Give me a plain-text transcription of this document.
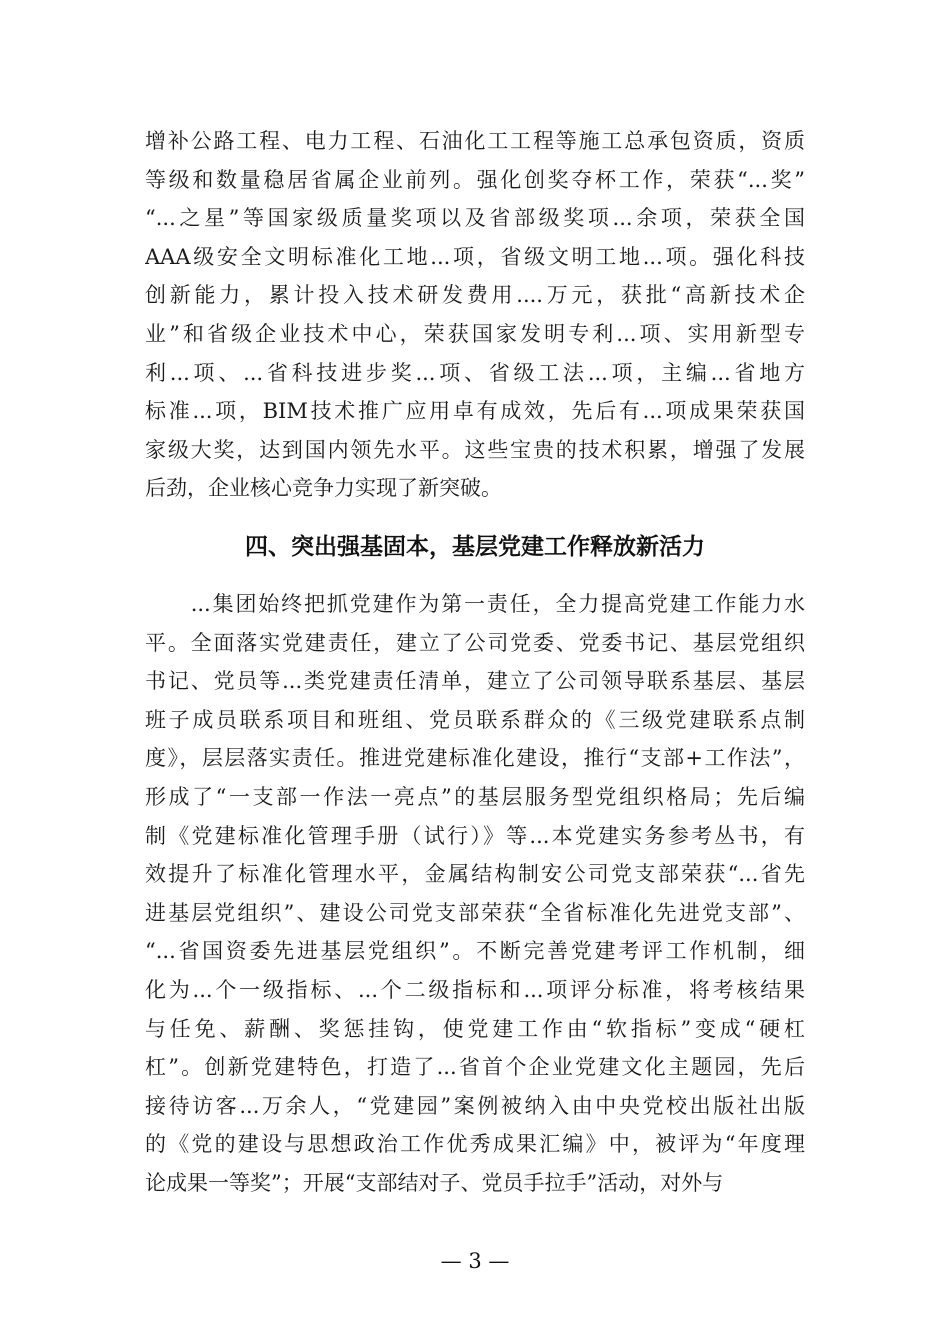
增补公路工程、电力工程、石油化工工程等施工总承包资质，资质
等级和数量稳居省属企业前列。强化创奖夺杯工作，荣获“...奖”
“...之星”等国家级质量奖项以及省部级奖项...余项，荣获全国
AAA级安全文明标准化工地...项，省级文明工地...项。强化科技
创新能力，累计投入技术研发费用....万元，获批“高新技术企
业”和省级企业技术中心，荣获国家发明专利...项、实用新型专
利...项、...省科技进步奖...项、省级工法...项，主编...省地方
标准...项，BIM技术推广应用卓有成效，先后有...项成果荣获国
家级大奖，达到国内领先水平。这些宝贵的技术积累，增强了发展
后劲，企业核心竞争力实现了新突破。
四、突出强基固本，基层党建工作释放新活力
　　...集团始终把抓党建作为第一责任，全力提高党建工作能力水
平。全面落实党建责任，建立了公司党委、党委书记、基层党组织
书记、党员等...类党建责任清单，建立了公司领导联系基层、基层
班子成员联系项目和班组、党员联系群众的《三级党建联系点制
度》，层层落实责任。推进党建标准化建设，推行“支部+工作法”，
形成了“一支部一作法一亮点”的基层服务型党组织格局；先后编
制《党建标准化管理手册（试行）》等...本党建实务参考丛书，有
效提升了标准化管理水平，金属结构制安公司党支部荣获“...省先
进基层党组织”、建设公司党支部荣获“全省标准化先进党支部”、
“...省国资委先进基层党组织”。不断完善党建考评工作机制，细
化为...个一级指标、...个二级指标和...项评分标准，将考核结果
与任免、薪酬、奖惩挂钩，使党建工作由“软指标”变成“硬杠
杠”。创新党建特色，打造了...省首个企业党建文化主题园，先后
接待访客...万余人，“党建园”案例被纳入由中央党校出版社出版
的《党的建设与思想政治工作优秀成果汇编》中，被评为“年度理
论成果一等奖”；开展“支部结对子、党员手拉手”活动，对外与
— 3 —
